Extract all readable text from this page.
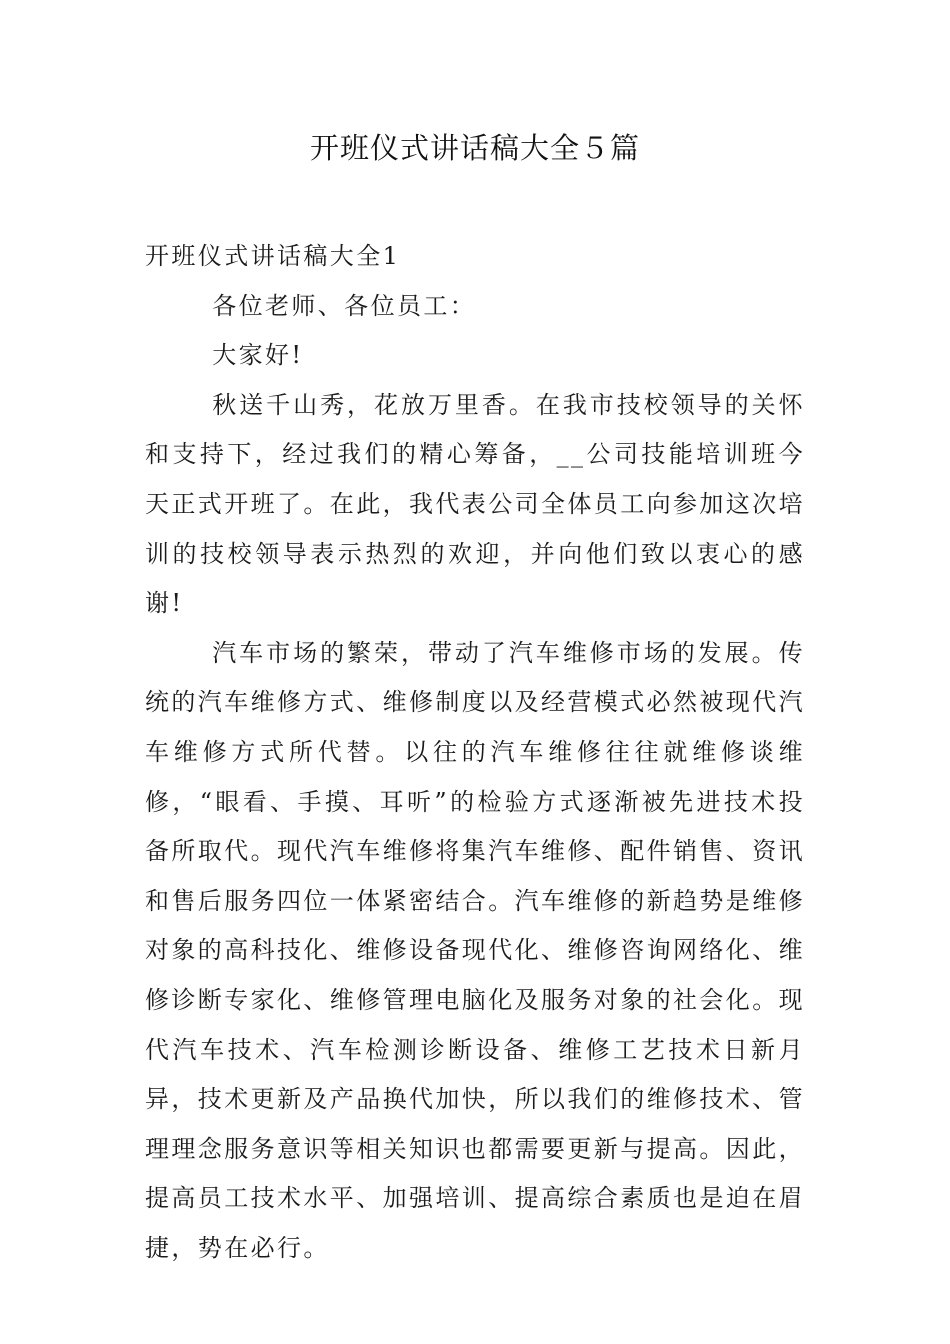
开班仪式讲话稿大全５篇

开班仪式讲话稿大全1

各位老师、各位员工：

大家好!

秋送千山秀，花放万里香。在我市技校领导的关怀和支持下，经过我们的精心筹备，__公司技能培训班今天正式开班了。在此，我代表公司全体员工向参加这次培训的技校领导表示热烈的欢迎，并向他们致以衷心的感谢!

汽车市场的繁荣，带动了汽车维修市场的发展。传统的汽车维修方式、维修制度以及经营模式必然被现代汽车维修方式所代替。以往的汽车维修往往就维修谈维修，“眼看、手摸、耳听”的检验方式逐渐被先进技术投备所取代。现代汽车维修将集汽车维修、配件销售、资讯和售后服务四位一体紧密结合。汽车维修的新趋势是维修对象的高科技化、维修设备现代化、维修咨询网络化、维修诊断专家化、维修管理电脑化及服务对象的社会化。现代汽车技术、汽车检测诊断设备、维修工艺技术日新月异，技术更新及产品换代加快，所以我们的维修技术、管理理念服务意识等相关知识也都需要更新与提高。因此，提高员工技术水平、加强培训、提高综合素质也是迫在眉捷，势在必行。
